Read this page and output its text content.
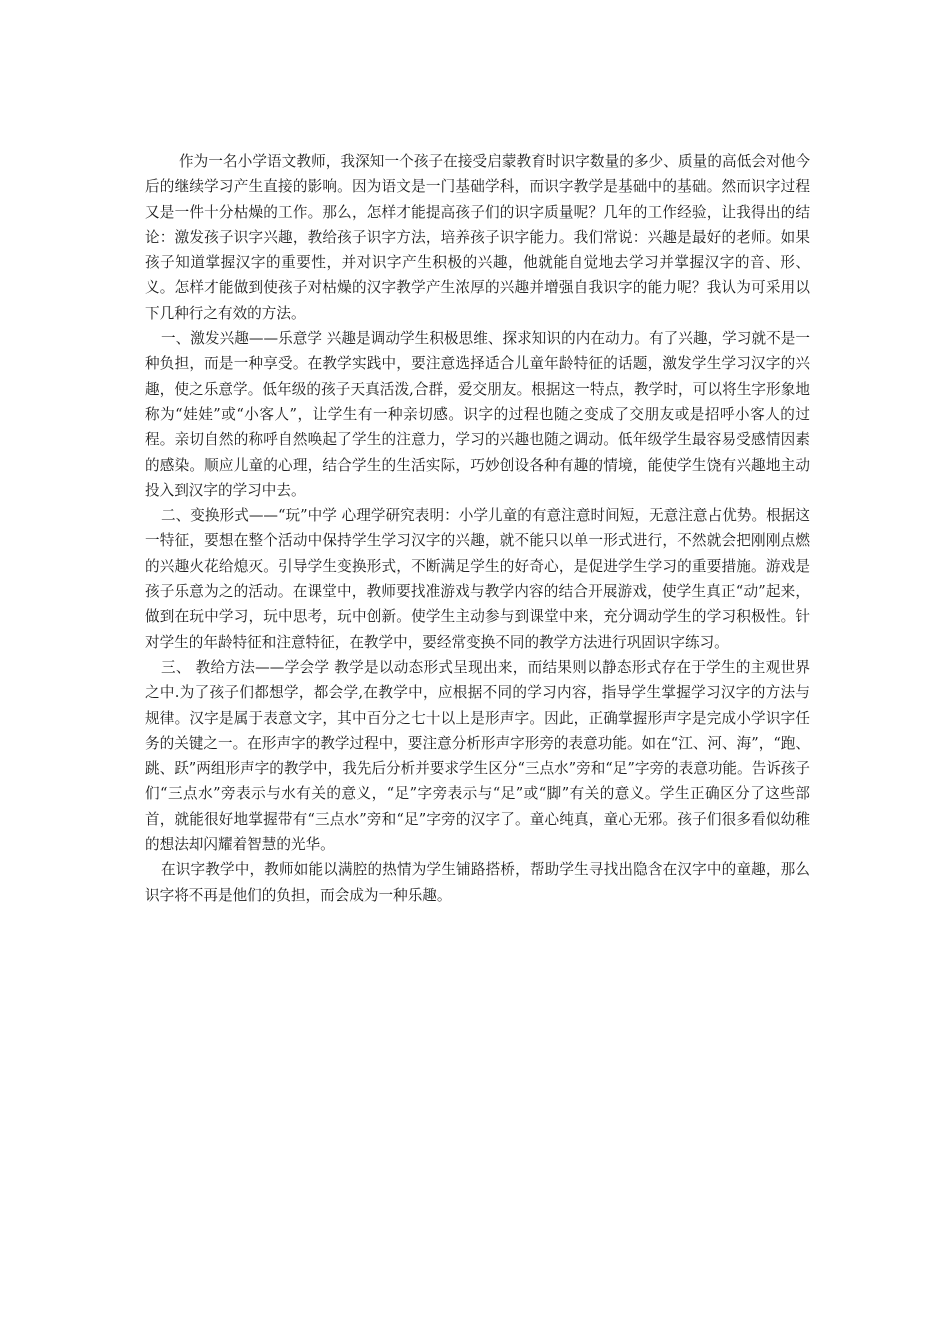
作为一名小学语文教师，我深知一个孩子在接受启蒙教育时识字数量的多少、质量的高低会对他今后的继续学习产生直接的影响。因为语文是一门基础学科，而识字教学是基础中的基础。然而识字过程又是一件十分枯燥的工作。那么，怎样才能提高孩子们的识字质量呢？几年的工作经验，让我得出的结论：激发孩子识字兴趣，教给孩子识字方法，培养孩子识字能力。我们常说：兴趣是最好的老师。如果孩子知道掌握汉字的重要性，并对识字产生积极的兴趣，他就能自觉地去学习并掌握汉字的音、形、义。怎样才能做到使孩子对枯燥的汉字教学产生浓厚的兴趣并增强自我识字的能力呢？我认为可采用以下几种行之有效的方法。

一、激发兴趣——乐意学 兴趣是调动学生积极思维、探求知识的内在动力。有了兴趣，学习就不是一种负担，而是一种享受。在教学实践中，要注意选择适合儿童年龄特征的话题，激发学生学习汉字的兴趣，使之乐意学。低年级的孩子天真活泼,合群，爱交朋友。根据这一特点，教学时，可以将生字形象地称为“娃娃”或“小客人”，让学生有一种亲切感。识字的过程也随之变成了交朋友或是招呼小客人的过程。亲切自然的称呼自然唤起了学生的注意力，学习的兴趣也随之调动。低年级学生最容易受感情因素的感染。顺应儿童的心理，结合学生的生活实际，巧妙创设各种有趣的情境，能使学生饶有兴趣地主动投入到汉字的学习中去。

二、变换形式——“玩”中学 心理学研究表明：小学儿童的有意注意时间短，无意注意占优势。根据这一特征，要想在整个活动中保持学生学习汉字的兴趣，就不能只以单一形式进行，不然就会把刚刚点燃的兴趣火花给熄灭。引导学生变换形式，不断满足学生的好奇心，是促进学生学习的重要措施。游戏是孩子乐意为之的活动。在课堂中，教师要找准游戏与教学内容的结合开展游戏，使学生真正“动”起来，做到在玩中学习，玩中思考，玩中创新。使学生主动参与到课堂中来，充分调动学生的学习积极性。针对学生的年龄特征和注意特征，在教学中，要经常变换不同的教学方法进行巩固识字练习。

三、 教给方法——学会学 教学是以动态形式呈现出来，而结果则以静态形式存在于学生的主观世界之中.为了孩子们都想学，都会学,在教学中，应根据不同的学习内容，指导学生掌握学习汉字的方法与规律。汉字是属于表意文字，其中百分之七十以上是形声字。因此，正确掌握形声字是完成小学识字任务的关键之一。在形声字的教学过程中，要注意分析形声字形旁的表意功能。如在“江、河、海”，“跑、跳、跃”两组形声字的教学中，我先后分析并要求学生区分“三点水”旁和“足”字旁的表意功能。告诉孩子们“三点水”旁表示与水有关的意义，“足”字旁表示与“足”或“脚”有关的意义。学生正确区分了这些部首，就能很好地掌握带有“三点水”旁和“足”字旁的汉字了。童心纯真，童心无邪。孩子们很多看似幼稚的想法却闪耀着智慧的光华。

在识字教学中，教师如能以满腔的热情为学生铺路搭桥，帮助学生寻找出隐含在汉字中的童趣，那么识字将不再是他们的负担，而会成为一种乐趣。
